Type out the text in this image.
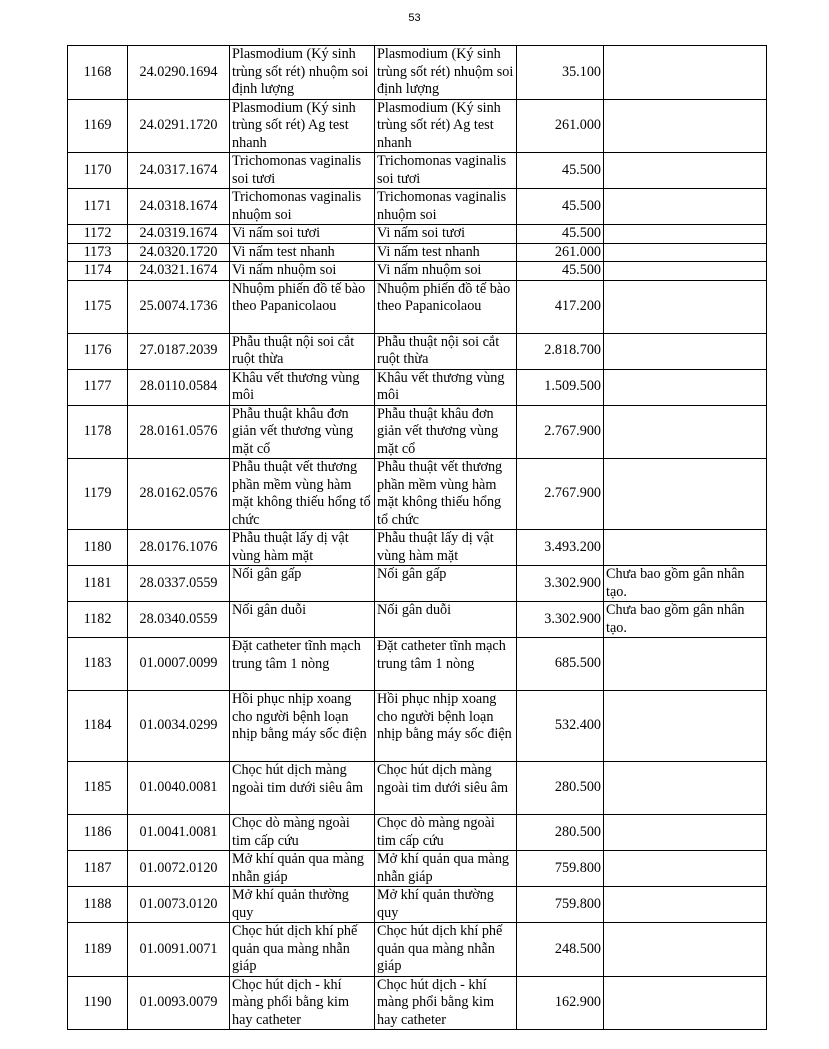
53
1168	24.0290.1694	Plasmodium (Ký sinh trùng sốt rét) nhuộm soi định lượng	Plasmodium (Ký sinh trùng sốt rét) nhuộm soi định lượng	35.100	
1169	24.0291.1720	Plasmodium (Ký sinh trùng sốt rét) Ag test nhanh	Plasmodium (Ký sinh trùng sốt rét) Ag test nhanh	261.000	
1170	24.0317.1674	Trichomonas vaginalis soi tươi	Trichomonas vaginalis soi tươi	45.500	
1171	24.0318.1674	Trichomonas vaginalis nhuộm soi	Trichomonas vaginalis nhuộm soi	45.500	
1172	24.0319.1674	Vi nấm soi tươi	Vi nấm soi tươi	45.500	
1173	24.0320.1720	Vi nấm test nhanh	Vi nấm test nhanh	261.000	
1174	24.0321.1674	Vi nấm nhuộm soi	Vi nấm nhuộm soi	45.500	
1175	25.0074.1736	Nhuộm phiến đồ tế bào theo Papanicolaou	Nhuộm phiến đồ tế bào theo Papanicolaou	417.200	
1176	27.0187.2039	Phẫu thuật nội soi cắt ruột thừa	Phẫu thuật nội soi cắt ruột thừa	2.818.700	
1177	28.0110.0584	Khâu vết thương vùng môi	Khâu vết thương vùng môi	1.509.500	
1178	28.0161.0576	Phẫu thuật khâu đơn giản vết thương vùng mặt cổ	Phẫu thuật khâu đơn giản vết thương vùng mặt cổ	2.767.900	
1179	28.0162.0576	Phẫu thuật vết thương phần mềm vùng hàm mặt không thiếu hổng tổ chức	Phẫu thuật vết thương phần mềm vùng hàm mặt không thiếu hổng tổ chức	2.767.900	
1180	28.0176.1076	Phẫu thuật lấy dị vật vùng hàm mặt	Phẫu thuật lấy dị vật vùng hàm mặt	3.493.200	
1181	28.0337.0559	Nối gân gấp	Nối gân gấp	3.302.900	Chưa bao gồm gân nhân tạo.
1182	28.0340.0559	Nối gân duỗi	Nối gân duỗi	3.302.900	Chưa bao gồm gân nhân tạo.
1183	01.0007.0099	Đặt catheter tĩnh mạch trung tâm 1 nòng	Đặt catheter tĩnh mạch trung tâm 1 nòng	685.500	
1184	01.0034.0299	Hồi phục nhịp xoang cho người bệnh loạn nhịp bằng máy sốc điện	Hồi phục nhịp xoang cho người bệnh loạn nhịp bằng máy sốc điện	532.400	
1185	01.0040.0081	Chọc hút dịch màng ngoài tim dưới siêu âm	Chọc hút dịch màng ngoài tim dưới siêu âm	280.500	
1186	01.0041.0081	Chọc dò màng ngoài tim cấp cứu	Chọc dò màng ngoài tim cấp cứu	280.500	
1187	01.0072.0120	Mở khí quản qua màng nhẫn giáp	Mở khí quản qua màng nhẫn giáp	759.800	
1188	01.0073.0120	Mở khí quản thường quy	Mở khí quản thường quy	759.800	
1189	01.0091.0071	Chọc hút dịch khí phế quản qua màng nhẫn giáp	Chọc hút dịch khí phế quản qua màng nhẫn giáp	248.500	
1190	01.0093.0079	Chọc hút dịch - khí màng phổi bằng kim hay catheter	Chọc hút dịch - khí màng phổi bằng kim hay catheter	162.900	
